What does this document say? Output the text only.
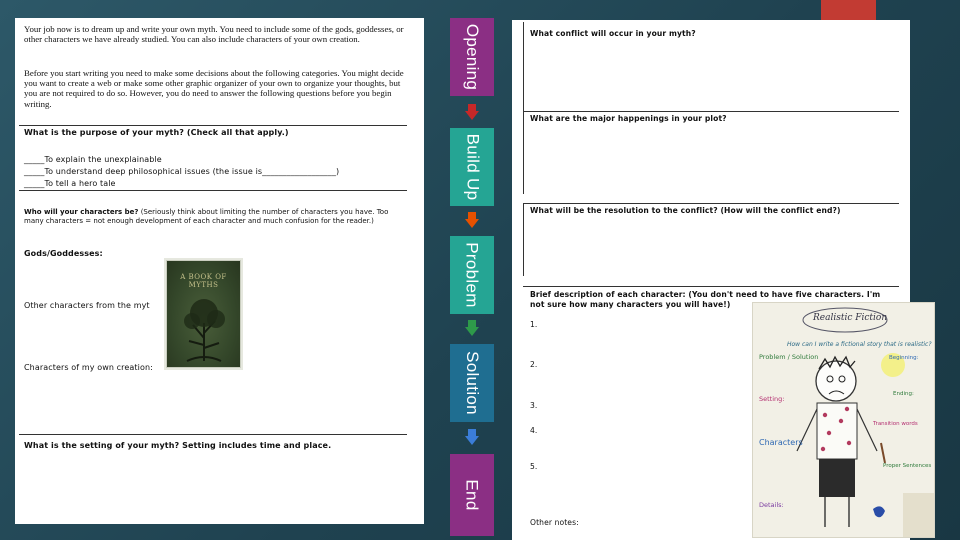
Your job now is to dream up and write your own myth. You need to include some of the gods, goddesses, or other characters we have already studied. You can also include characters of your own creation.
Before you start writing you need to make some decisions about the following categories. You might decide you want to create a web or make some other graphic organizer of your own to organize your thoughts, but you are not required to do so. However, you do need to answer the following questions before you begin writing.
What is the purpose of your myth? (Check all that apply.)
_____To explain the unexplainable
_____To understand deep philosophical issues (the issue is__________________)
_____To tell a hero tale
Who will your characters be? (Seriously think about limiting the number of characters you have. Too many characters = not enough development of each character and much confusion for the reader.)
Gods/Goddesses:
Other characters from the myt
A BOOK OF MYTHS
Characters of my own creation:
What is the setting of your myth? Setting includes time and place.
Opening
Build Up
Problem
Solution
End
What conflict will occur in your myth?
What are the major happenings in your plot?
What will be the resolution to the conflict? (How will the conflict end?)
Brief description of each character: (You don't need to have five characters. I'm not sure how many characters you will have!)
1.
2.
3.
4.
5.
Other notes:
Realistic Fiction
How can I write a fictional story that is realistic?
Problem / Solution
Setting:
Characters
Details:
Beginning:
Ending:
Transition words
Proper Sentences
